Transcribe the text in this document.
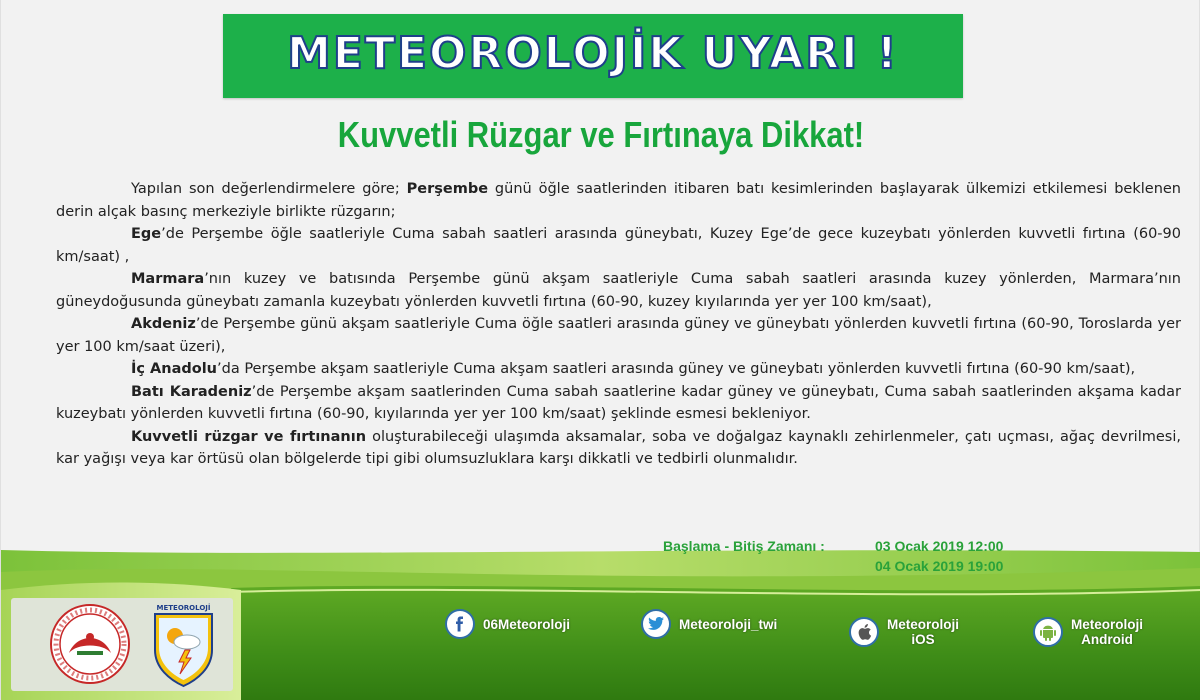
METEOROLOJİK UYARI !
Kuvvetli Rüzgar ve Fırtınaya Dikkat!

Yapılan son değerlendirmelere göre; Perşembe günü öğle saatlerinden itibaren batı kesimlerinden başlayarak ülkemizi etkilemesi beklenen derin alçak basınç merkeziyle birlikte rüzgarın;

Ege’de Perşembe öğle saatleriyle Cuma sabah saatleri arasında güneybatı, Kuzey Ege’de gece kuzeybatı yönlerden kuvvetli fırtına (60-90 km/saat) ,

Marmara’nın kuzey ve batısında Perşembe günü akşam saatleriyle Cuma sabah saatleri arasında kuzey yönlerden, Marmara’nın güneydoğusunda güneybatı zamanla kuzeybatı yönlerden kuvvetli fırtına (60-90, kuzey kıyılarında yer yer 100 km/saat),

Akdeniz’de Perşembe günü akşam saatleriyle Cuma öğle saatleri arasında güney ve güneybatı yönlerden kuvvetli fırtına (60-90, Toroslarda yer yer 100 km/saat üzeri),

İç Anadolu’da Perşembe akşam saatleriyle Cuma akşam saatleri arasında güney ve güneybatı yönlerden kuvvetli fırtına (60-90 km/saat),

Batı Karadeniz’de Perşembe akşam saatlerinden Cuma sabah saatlerine kadar güney ve güneybatı, Cuma sabah saatlerinden akşama kadar kuzeybatı yönlerden kuvvetli fırtına (60-90, kıyılarında yer yer 100 km/saat) şeklinde esmesi bekleniyor.

Kuvvetli rüzgar ve fırtınanın oluşturabileceği ulaşımda aksamalar, soba ve doğalgaz kaynaklı zehirlenmeler, çatı uçması, ağaç devrilmesi, kar yağışı veya kar örtüsü olan bölgelerde tipi gibi olumsuzluklara karşı dikkatli ve tedbirli olunmalıdır.

METEOROLOJİ
06Meteoroloji	Meteoroloji_twi	Meteoroloji
iOS
Meteoroloji
Android
Başlama - Bitiş Zamanı :	03 Ocak 2019 12:00
04 Ocak 2019 19:00
